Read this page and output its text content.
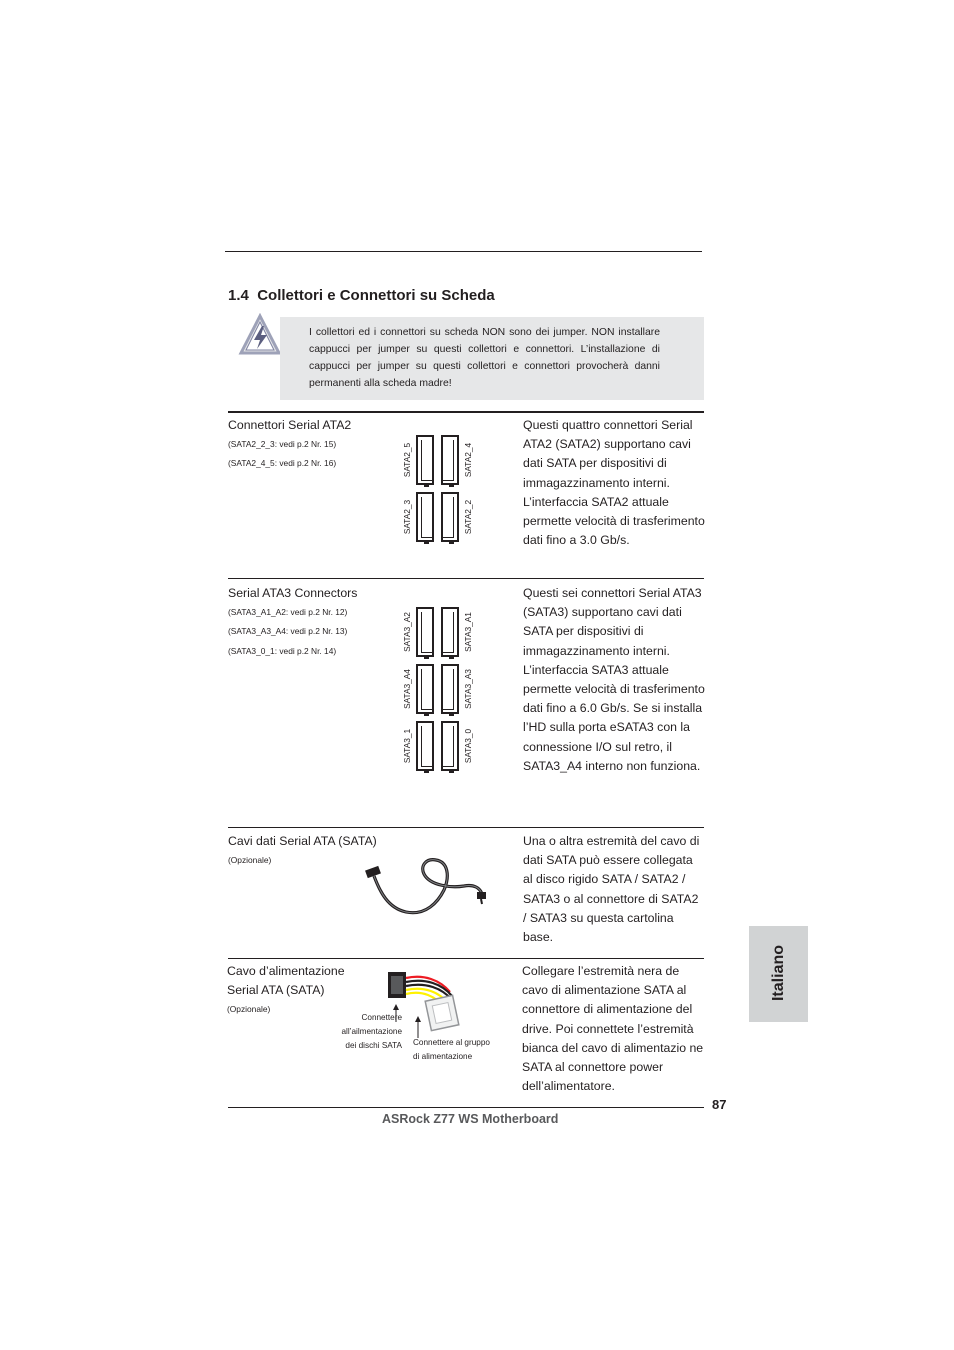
1.4 Collettori e Connettori su Scheda
I collettori ed i connettori su scheda NON sono dei jumper. NON installare cappucci per jumper su questi collettori e connettori. L’installazione di cappucci per jumper su questi collettori e connettori provocherà danni permanenti alla scheda madre!
Connettori Serial ATA2
(SATA2_2_3: vedi p.2 Nr. 15)
(SATA2_4_5: vedi p.2 Nr. 16)	SATA2_5	SATA2_4
SATA2_3	SATA2_2
Questi quattro connettori Serial ATA2 (SATA2) supportano cavi dati SATA per dispositivi di immagazzinamento interni. L’interfaccia SATA2 attuale permette velocità di trasferimento dati fino a 3.0 Gb/s.
Serial ATA3 Connectors
(SATA3_A1_A2: vedi p.2 Nr. 12)
(SATA3_A3_A4: vedi p.2 Nr. 13)
(SATA3_0_1: vedi p.2 Nr. 14)	SATA3_A2	SATA3_A1
SATA3_A4	SATA3_A3
SATA3_1	SATA3_0
Questi sei connettori Serial ATA3 (SATA3) supportano cavi dati SATA per dispositivi di immagazzinamento interni. L’interfaccia SATA3 attuale permette velocità di trasferimento dati fino a 6.0 Gb/s. Se si installa l’HD sulla porta eSATA3 con la connessione I/O sul retro, il SATA3_A4 interno non funziona.
Cavi dati Serial ATA (SATA)
(Opzionale)
Una o altra estremità del cavo di dati SATA può essere collegata al disco rigido SATA / SATA2 / SATA3 o al connettore di SATA2 / SATA3 su questa cartolina base.
Cavo d’alimentazione
Serial ATA (SATA)
(Opzionale)
Connettere
all’ailmentazione
dei dischi SATA Connettere al gruppo
di alimentazione
Collegare l’estremità nera de cavo di alimentazione SATA al connettore di alimentazione del drive. Poi connettete l’estremità bianca del cavo di alimentazio ne SATA al connettore power dell’alimentatore.
Italiano
87
ASRock Z77 WS Motherboard
